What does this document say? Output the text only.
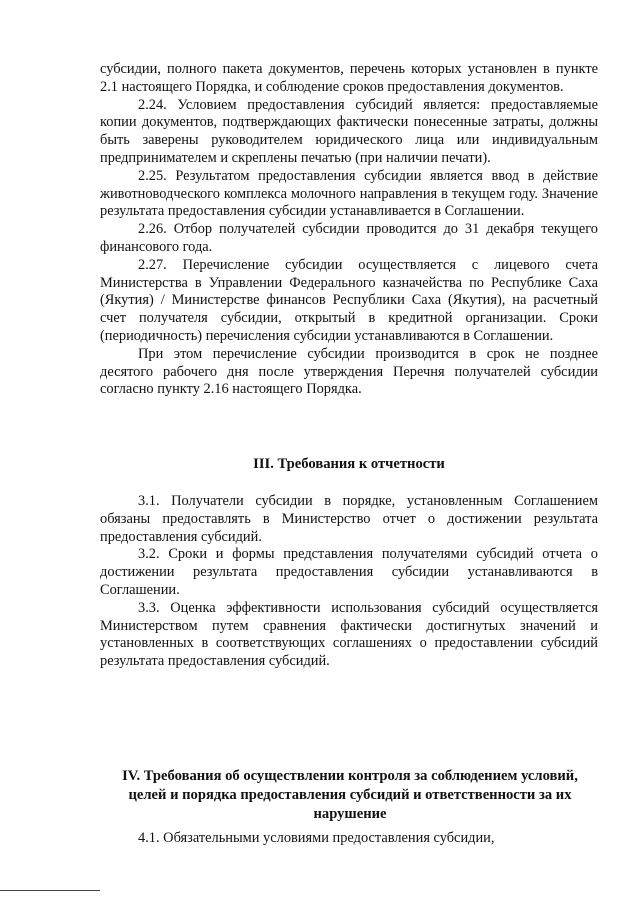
субсидии, полного пакета документов, перечень которых установлен в пункте 2.1 настоящего Порядка, и соблюдение сроков предоставления документов.

2.24. Условием предоставления субсидий является: предоставляемые копии документов, подтверждающих фактически понесенные затраты, должны быть заверены руководителем юридического лица или индивидуальным предпринимателем и скреплены печатью (при наличии печати).

2.25. Результатом предоставления субсидии является ввод в действие животноводческого комплекса молочного направления в текущем году. Значение результата предоставления субсидии устанавливается в Соглашении.

2.26. Отбор получателей субсидии проводится до 31 декабря текущего финансового года.

2.27. Перечисление субсидии осуществляется с лицевого счета Министерства в Управлении Федерального казначейства по Республике Саха (Якутия) / Министерстве финансов Республики Саха (Якутия), на расчетный счет получателя субсидии, открытый в кредитной организации. Сроки (периодичность) перечисления субсидии устанавливаются в Соглашении.

При этом перечисление субсидии производится в срок не позднее десятого рабочего дня после утверждения Перечня получателей субсидии согласно пункту 2.16 настоящего Порядка.

III. Требования к отчетности

3.1. Получатели субсидии в порядке, установленным Соглашением обязаны предоставлять в Министерство отчет о достижении результата предоставления субсидий.

3.2. Сроки и формы представления получателями субсидий отчета о достижении результата предоставления субсидии устанавливаются в Соглашении.

3.3. Оценка эффективности использования субсидий осуществляется Министерством путем сравнения фактически достигнутых значений и установленных в соответствующих соглашениях о предоставлении субсидий результата предоставления субсидий.

IV. Требования об осуществлении контроля за соблюдением условий, целей и порядка предоставления субсидий и ответственности за их нарушение

4.1. Обязательными условиями предоставления субсидии,
